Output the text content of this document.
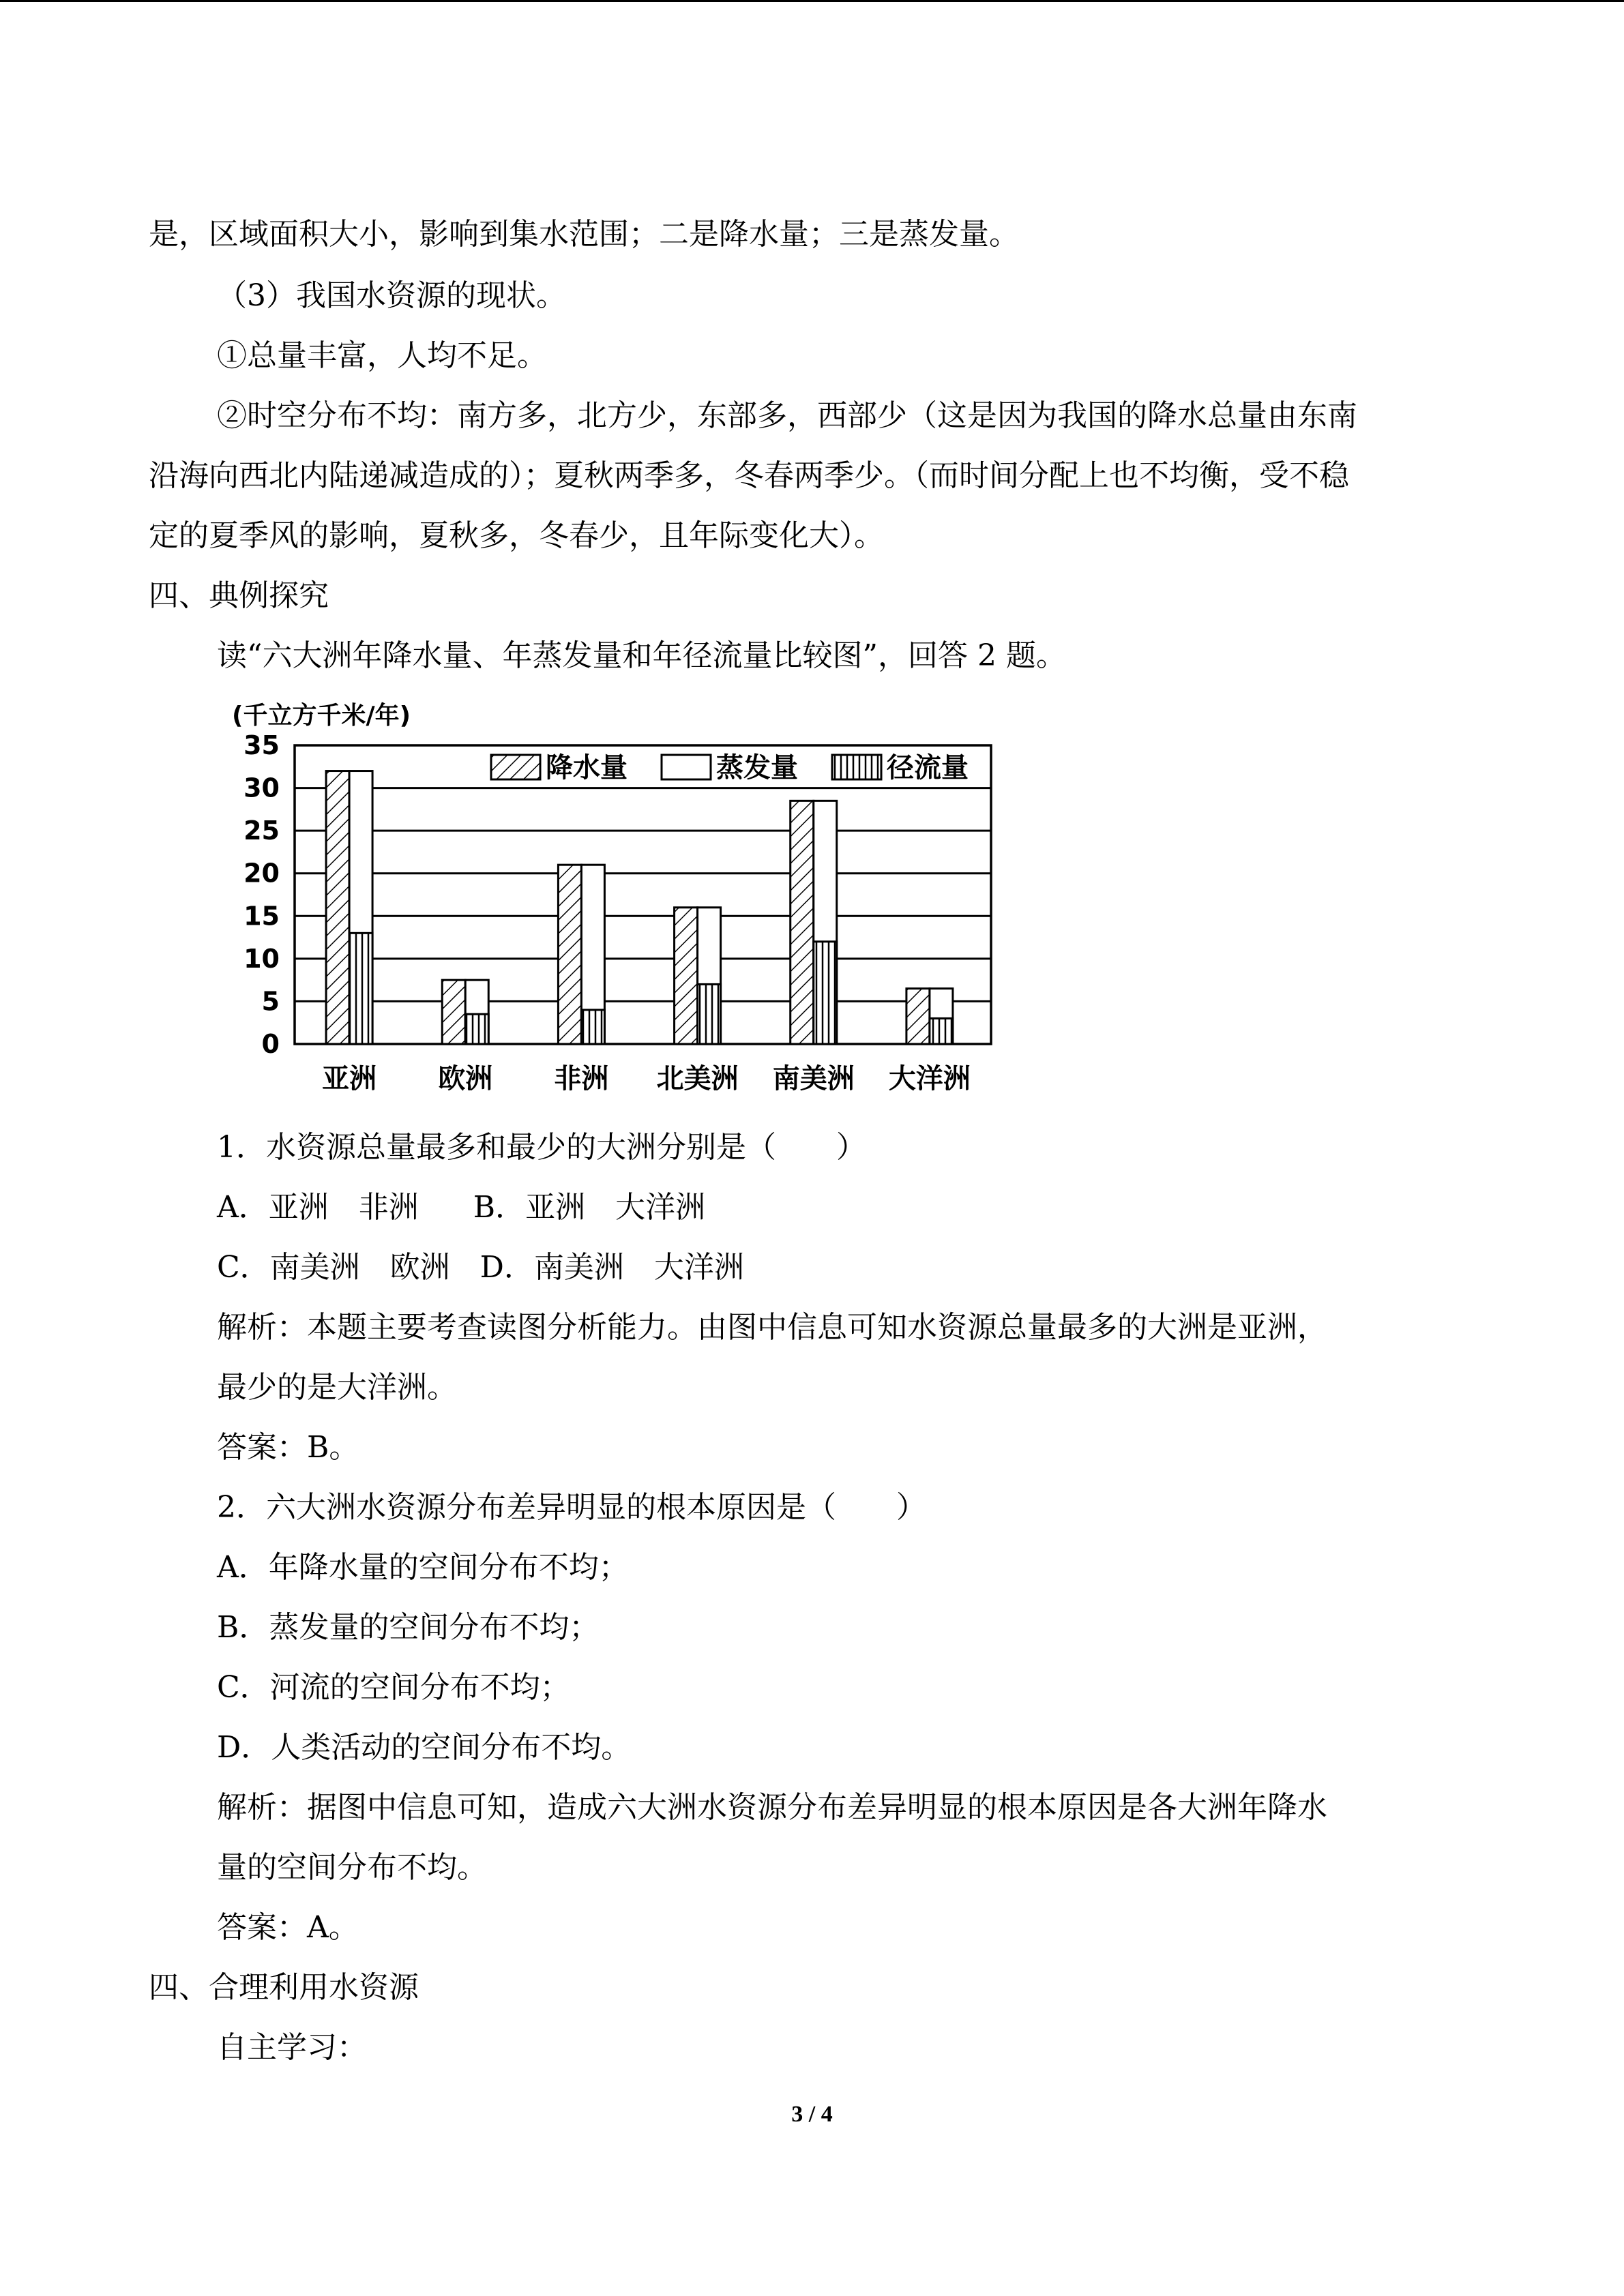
是，区域面积大小，影响到集水范围；二是降水量；三是蒸发量。
（3）我国水资源的现状。
①总量丰富，人均不足。
②时空分布不均：南方多，北方少，东部多，西部少（这是因为我国的降水总量由东南
沿海向西北内陆递减造成的）；夏秋两季多，冬春两季少。（而时间分配上也不均衡，受不稳
定的夏季风的影响，夏秋多，冬春少，且年际变化大）。
四、典例探究
读“六大洲年降水量、年蒸发量和年径流量比较图”，回答 2 题。
(千立方千米/年)
35
30
25
20
15
10
5
0
亚洲 欧洲 非洲 北美洲 南美洲 大洋洲
降水量	蒸发量	径流量
1．水资源总量最多和最少的大洲分别是（　　）
A．亚洲　非洲 B．亚洲　大洋洲
C．南美洲　欧洲 D．南美洲　大洋洲
解析：本题主要考查读图分析能力。由图中信息可知水资源总量最多的大洲是亚洲，
最少的是大洋洲。
答案：B。
2．六大洲水资源分布差异明显的根本原因是（　　）
A．年降水量的空间分布不均；
B．蒸发量的空间分布不均；
C．河流的空间分布不均；
D．人类活动的空间分布不均。
解析：据图中信息可知，造成六大洲水资源分布差异明显的根本原因是各大洲年降水
量的空间分布不均。
答案：A。
四、合理利用水资源
自主学习：
3 / 4
